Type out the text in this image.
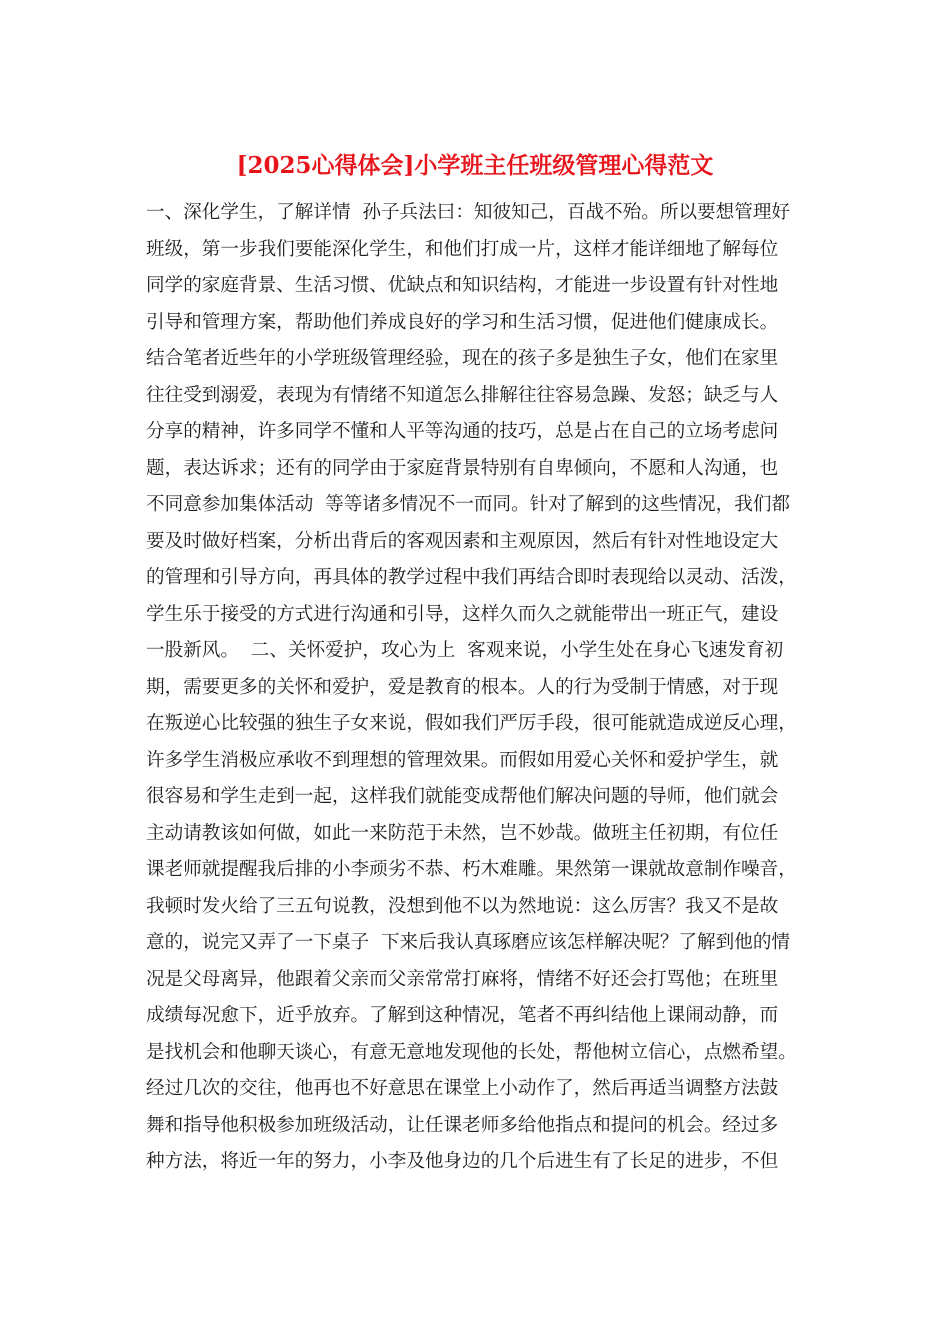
[2025心得体会]小学班主任班级管理心得范文
一、深化学生，了解详情  孙子兵法曰：知彼知己，百战不殆。所以要想管理好
班级，第一步我们要能深化学生，和他们打成一片，这样才能详细地了解每位
同学的家庭背景、生活习惯、优缺点和知识结构，才能进一步设置有针对性地
引导和管理方案，帮助他们养成良好的学习和生活习惯，促进他们健康成长。
结合笔者近些年的小学班级管理经验，现在的孩子多是独生子女，他们在家里
往往受到溺爱，表现为有情绪不知道怎么排解往往容易急躁、发怒；缺乏与人
分享的精神，许多同学不懂和人平等沟通的技巧，总是占在自己的立场考虑问
题，表达诉求；还有的同学由于家庭背景特别有自卑倾向，不愿和人沟通，也
不同意参加集体活动  等等诸多情况不一而同。针对了解到的这些情况，我们都
要及时做好档案，分析出背后的客观因素和主观原因，然后有针对性地设定大
的管理和引导方向，再具体的教学过程中我们再结合即时表现给以灵动、活泼，
学生乐于接受的方式进行沟通和引导，这样久而久之就能带出一班正气，建设
一股新风。  二、关怀爱护，攻心为上  客观来说，小学生处在身心飞速发育初
期，需要更多的关怀和爱护，爱是教育的根本。人的行为受制于情感，对于现
在叛逆心比较强的独生子女来说，假如我们严厉手段，很可能就造成逆反心理，
许多学生消极应承收不到理想的管理效果。而假如用爱心关怀和爱护学生，就
很容易和学生走到一起，这样我们就能变成帮他们解决问题的导师，他们就会
主动请教该如何做，如此一来防范于未然，岂不妙哉。做班主任初期，有位任
课老师就提醒我后排的小李顽劣不恭、朽木难雕。果然第一课就故意制作噪音，
我顿时发火给了三五句说教，没想到他不以为然地说：这么厉害？我又不是故
意的，说完又弄了一下桌子  下来后我认真琢磨应该怎样解决呢？了解到他的情
况是父母离异，他跟着父亲而父亲常常打麻将，情绪不好还会打骂他；在班里
成绩每况愈下，近乎放弃。了解到这种情况，笔者不再纠结他上课闹动静，而
是找机会和他聊天谈心，有意无意地发现他的长处，帮他树立信心，点燃希望。
经过几次的交往，他再也不好意思在课堂上小动作了，然后再适当调整方法鼓
舞和指导他积极参加班级活动，让任课老师多给他指点和提问的机会。经过多
种方法，将近一年的努力，小李及他身边的几个后进生有了长足的进步，不但
